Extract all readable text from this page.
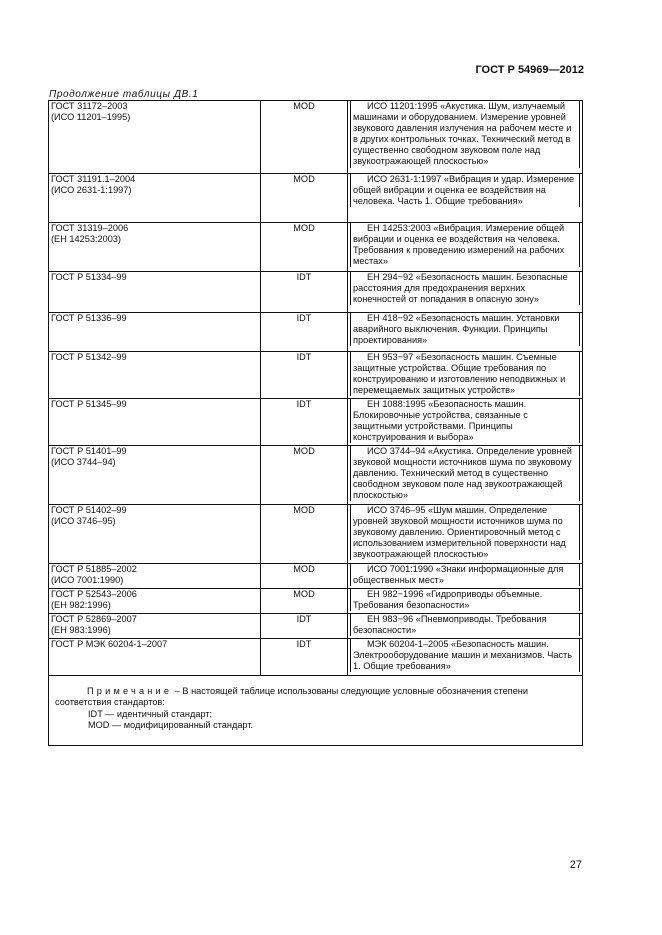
ГОСТ Р 54969—2012
Продолжение таблицы ДВ.1
ГОСТ 31172–2003
(ИСО 11201–1995)	MOD	ИСО 11201:1995 «Акустика. Шум, излучаемый машинами и оборудованием. Измерение уровней звукового давления излучения на рабочем месте и в других контрольных точках. Технический метод в существенно свободном звуковом поле над звукоотражающей плоскостью»

ГОСТ 31191.1–2004
(ИСО 2631-1:1997)	MOD	ИСО 2631-1:1997 «Вибрация и удар. Измерение общей вибрации и оценка ее воздействия на человека. Часть 1. Общие требования»

ГОСТ 31319–2006
(ЕН 14253:2003)	MOD	ЕН 14253:2003 «Вибрация. Измерение общей вибрации и оценка ее воздействия на человека. Требования к проведению измерений на рабочих местах»

ГОСТ Р 51334–99	IDT	ЕН 294−92 «Безопасность машин. Безопасные расстояния для предохранения верхних конечностей от попадания в опасную зону»

ГОСТ Р 51336–99	IDT	ЕН 418−92 «Безопасность машин. Установки аварийного выключения. Функции. Принципы проектирования»

ГОСТ Р 51342–99	IDT	ЕН 953−97 «Безопасность машин. Съемные защитные устройства. Общие требования по конструированию и изготовлению неподвижных и перемещаемых защитных устройств»

ГОСТ Р 51345–99	IDT	ЕН 1088:1995 «Безопасность машин. Блокировочные устройства, связанные с защитными устройствами. Принципы конструирования и выбора»

ГОСТ Р 51401–99
(ИСО 3744–94)	MOD	ИСО 3744–94 «Акустика. Определение уровней звуковой мощности источников шума по звуковому давлению. Технический метод в существенно свободном звуковом поле над звукоотражающей плоскостью»

ГОСТ Р 51402–99
(ИСО 3746–95)	MOD	ИСО 3746–95 «Шум машин. Определение уровней звуковой мощности источников шума по звуковому давлению. Ориентировочный метод с использованием измерительной поверхности над звукоотражающей плоскостью»

ГОСТ Р 51885–2002
(ИСО 7001:1990)	MOD	ИСО 7001:1990 «Знаки информационные для общественных мест»

ГОСТ Р 52543–2006
(ЕН 982:1996)	MOD	ЕН 982−1996 «Гидроприводы объемные. Требования безопасности»

ГОСТ Р 52869–2007
(ЕН 983:1996)	IDT	ЕН 983−96 «Пневмоприводы. Требования безопасности»

ГОСТ Р МЭК 60204-1–2007	IDT	МЭК 60204-1–2005 «Безопасность машин. Электрооборудование машин и механизмов. Часть 1. Общие требования»

Примечание – В настоящей таблице использованы следующие условные обозначения степени соответствия стандартов:
IDT — идентичный стандарт;
MOD — модифицированный стандарт.		
27
